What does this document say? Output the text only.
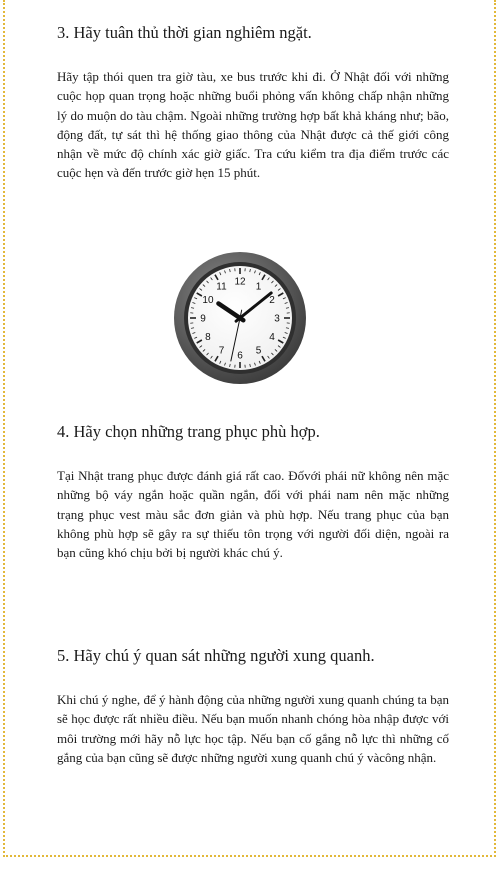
3. Hãy tuân thủ thời gian nghiêm ngặt.

Hãy tập thói quen tra giờ tàu, xe bus trước khi đi. Ở Nhật đối với những cuộc họp quan trọng hoặc những buổi phỏng vấn không chấp nhận những lý do muộn do tàu chậm. Ngoài những trường hợp bất khả kháng như; bão, động đất, tự sát thì hệ thống giao thông của Nhật được cả thế giới công nhận về mức độ chính xác giờ giấc. Tra cứu kiểm tra địa điểm trước các cuộc hẹn và đến trước giờ hẹn 15 phút.

12 1
2
3
4
5
6
7
8
9
10
11
4. Hãy chọn những trang phục phù hợp.

Tại Nhật trang phục được đánh giá rất cao. Đốvới phái nữ không nên mặc những bộ váy ngắn hoặc quần ngắn, đối với phái nam nên mặc những trạng phục vest màu sắc đơn giản và phù hợp. Nếu trang phục của bạn không phù hợp sẽ gây ra sự thiếu tôn trọng với người đối diện, ngoài ra bạn cũng khó chịu bởi bị người khác chú ý.

5. Hãy chú ý quan sát những người xung quanh.

Khi chú ý nghe, để ý hành động của những người xung quanh chúng ta bạn sẽ học được rất nhiều điều. Nếu bạn muốn nhanh chóng hòa nhập được với môi trường mới hãy nỗ lực học tập. Nếu bạn cố gắng nỗ lực thì những cố gắng của bạn cũng sẽ được những người xung quanh chú ý vàcông nhận.
